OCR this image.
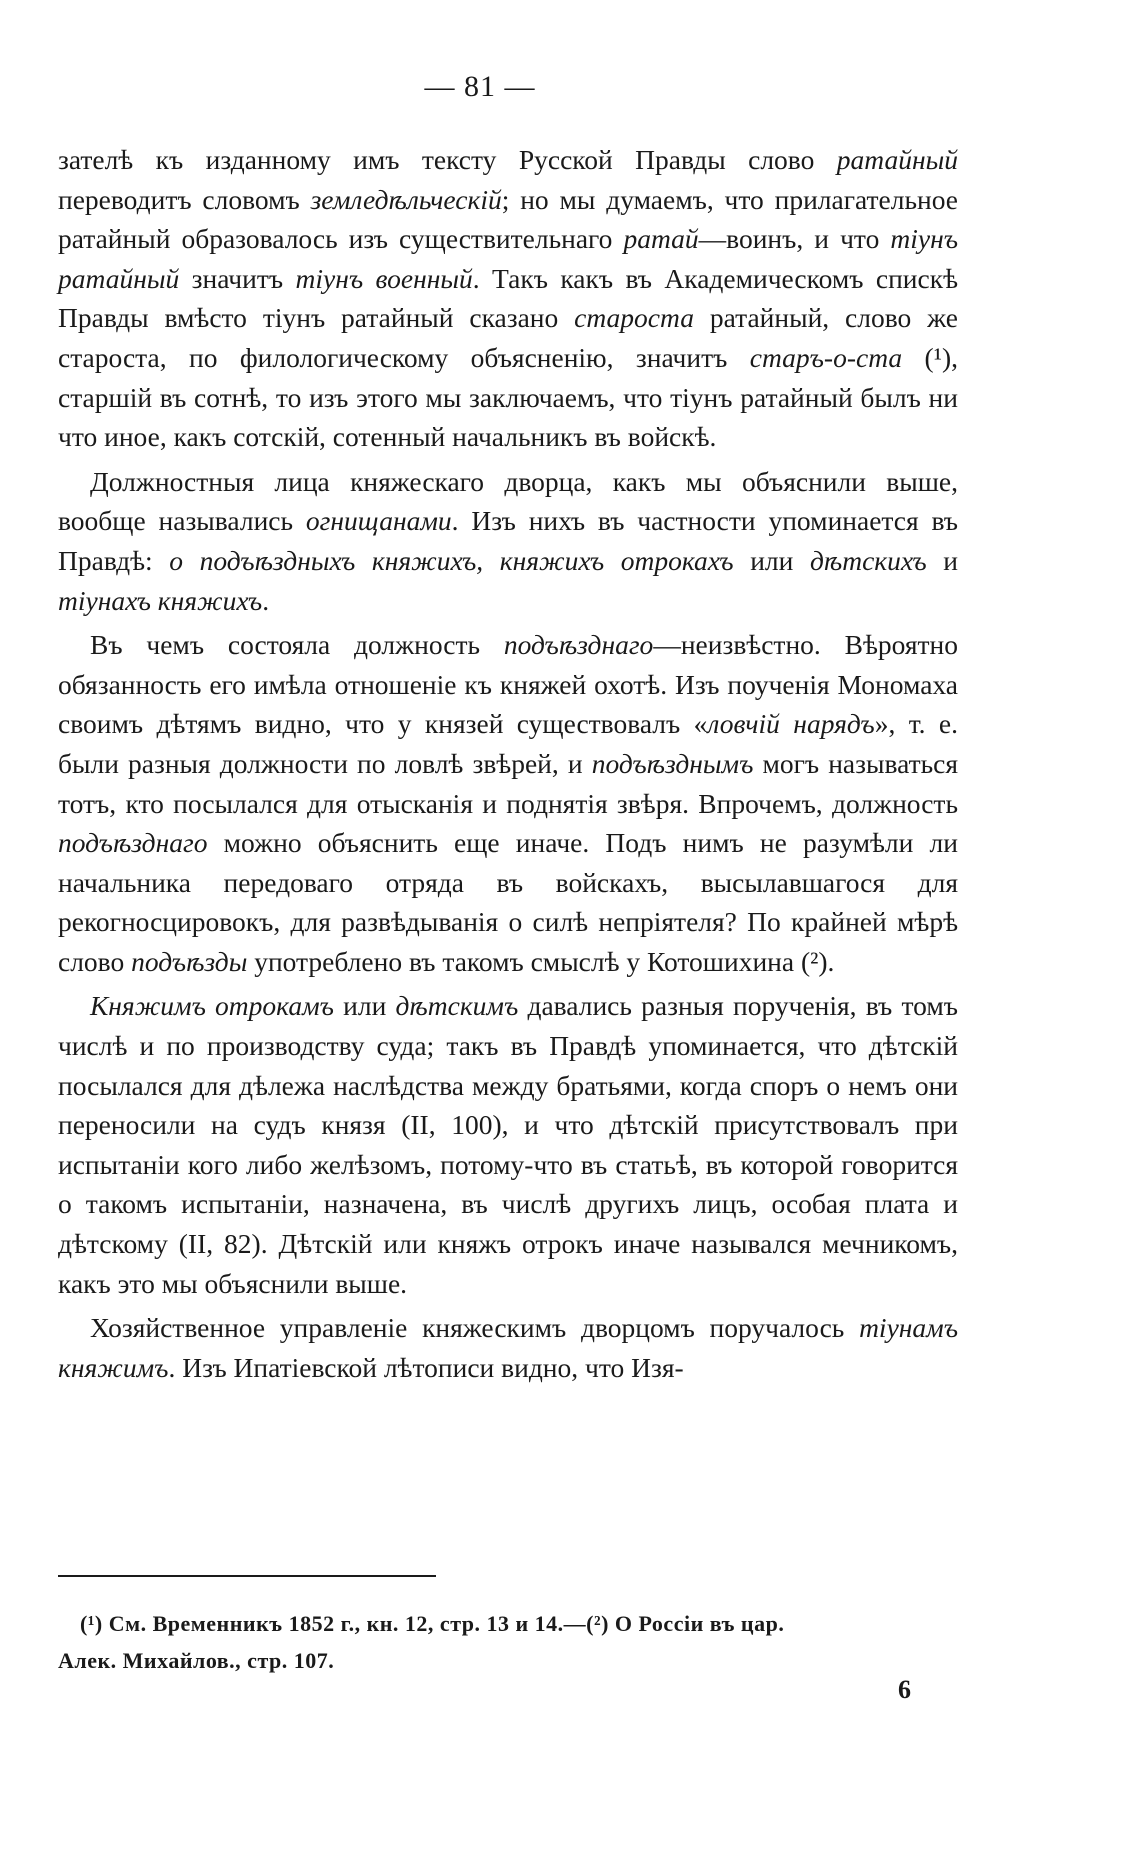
— 81 —

зателѣ къ изданному имъ тексту Русской Правды слово ратайный переводитъ словомъ земледѣльческій; но мы думаемъ, что прилагательное ратайный образовалось изъ существительнаго ратай—воинъ, и что тіунъ ратайный значитъ тіунъ военный. Такъ какъ въ Академическомъ спискѣ Правды вмѣсто тіунъ ратайный сказано староста ратайный, слово же староста, по филологическому объясненію, значитъ старъ-о-ста (¹), старшій въ сотнѣ, то изъ этого мы заключаемъ, что тіунъ ратайный былъ ни что иное, какъ сотскій, сотенный начальникъ въ войскѣ.

Должностныя лица княжескаго дворца, какъ мы объяснили выше, вообще назывались огнищанами. Изъ нихъ въ частности упоминается въ Правдѣ: о подъѣздныхъ княжихъ, княжихъ отрокахъ или дѣтскихъ и тіунахъ княжихъ.

Въ чемъ состояла должность подъѣзднаго—неизвѣстно. Вѣроятно обязанность его имѣла отношеніе къ княжей охотѣ. Изъ поученія Мономаха своимъ дѣтямъ видно, что у князей существовалъ «ловчій нарядъ», т. е. были разныя должности по ловлѣ звѣрей, и подъѣзднымъ могъ называться тотъ, кто посылался для отысканія и поднятія звѣря. Впрочемъ, должность подъѣзднаго можно объяснить еще иначе. Подъ нимъ не разумѣли ли начальника передоваго отряда въ войскахъ, высылавшагося для рекогносцировокъ, для развѣдыванія о силѣ непріятеля? По крайней мѣрѣ слово подъѣзды употреблено въ такомъ смыслѣ у Котошихина (²).

Княжимъ отрокамъ или дѣтскимъ давались разныя порученія, въ томъ числѣ и по производству суда; такъ въ Правдѣ упоминается, что дѣтскій посылался для дѣлежа наслѣдства между братьями, когда споръ о немъ они переносили на судъ князя (II, 100), и что дѣтскій присутствовалъ при испытаніи кого либо желѣзомъ, потому-что въ статьѣ, въ которой говорится о такомъ испытаніи, назначена, въ числѣ другихъ лицъ, особая плата и дѣтскому (II, 82). Дѣтскій или княжъ отрокъ иначе назывался мечникомъ, какъ это мы объяснили выше.

Хозяйственное управленіе княжескимъ дворцомъ поручалось тіунамъ княжимъ. Изъ Ипатіевской лѣтописи видно, что Изя-

(¹) См. Временникъ 1852 г., кн. 12, стр. 13 и 14.—(²) О Россіи въ цар.

Алек. Михайлов., стр. 107.

6
